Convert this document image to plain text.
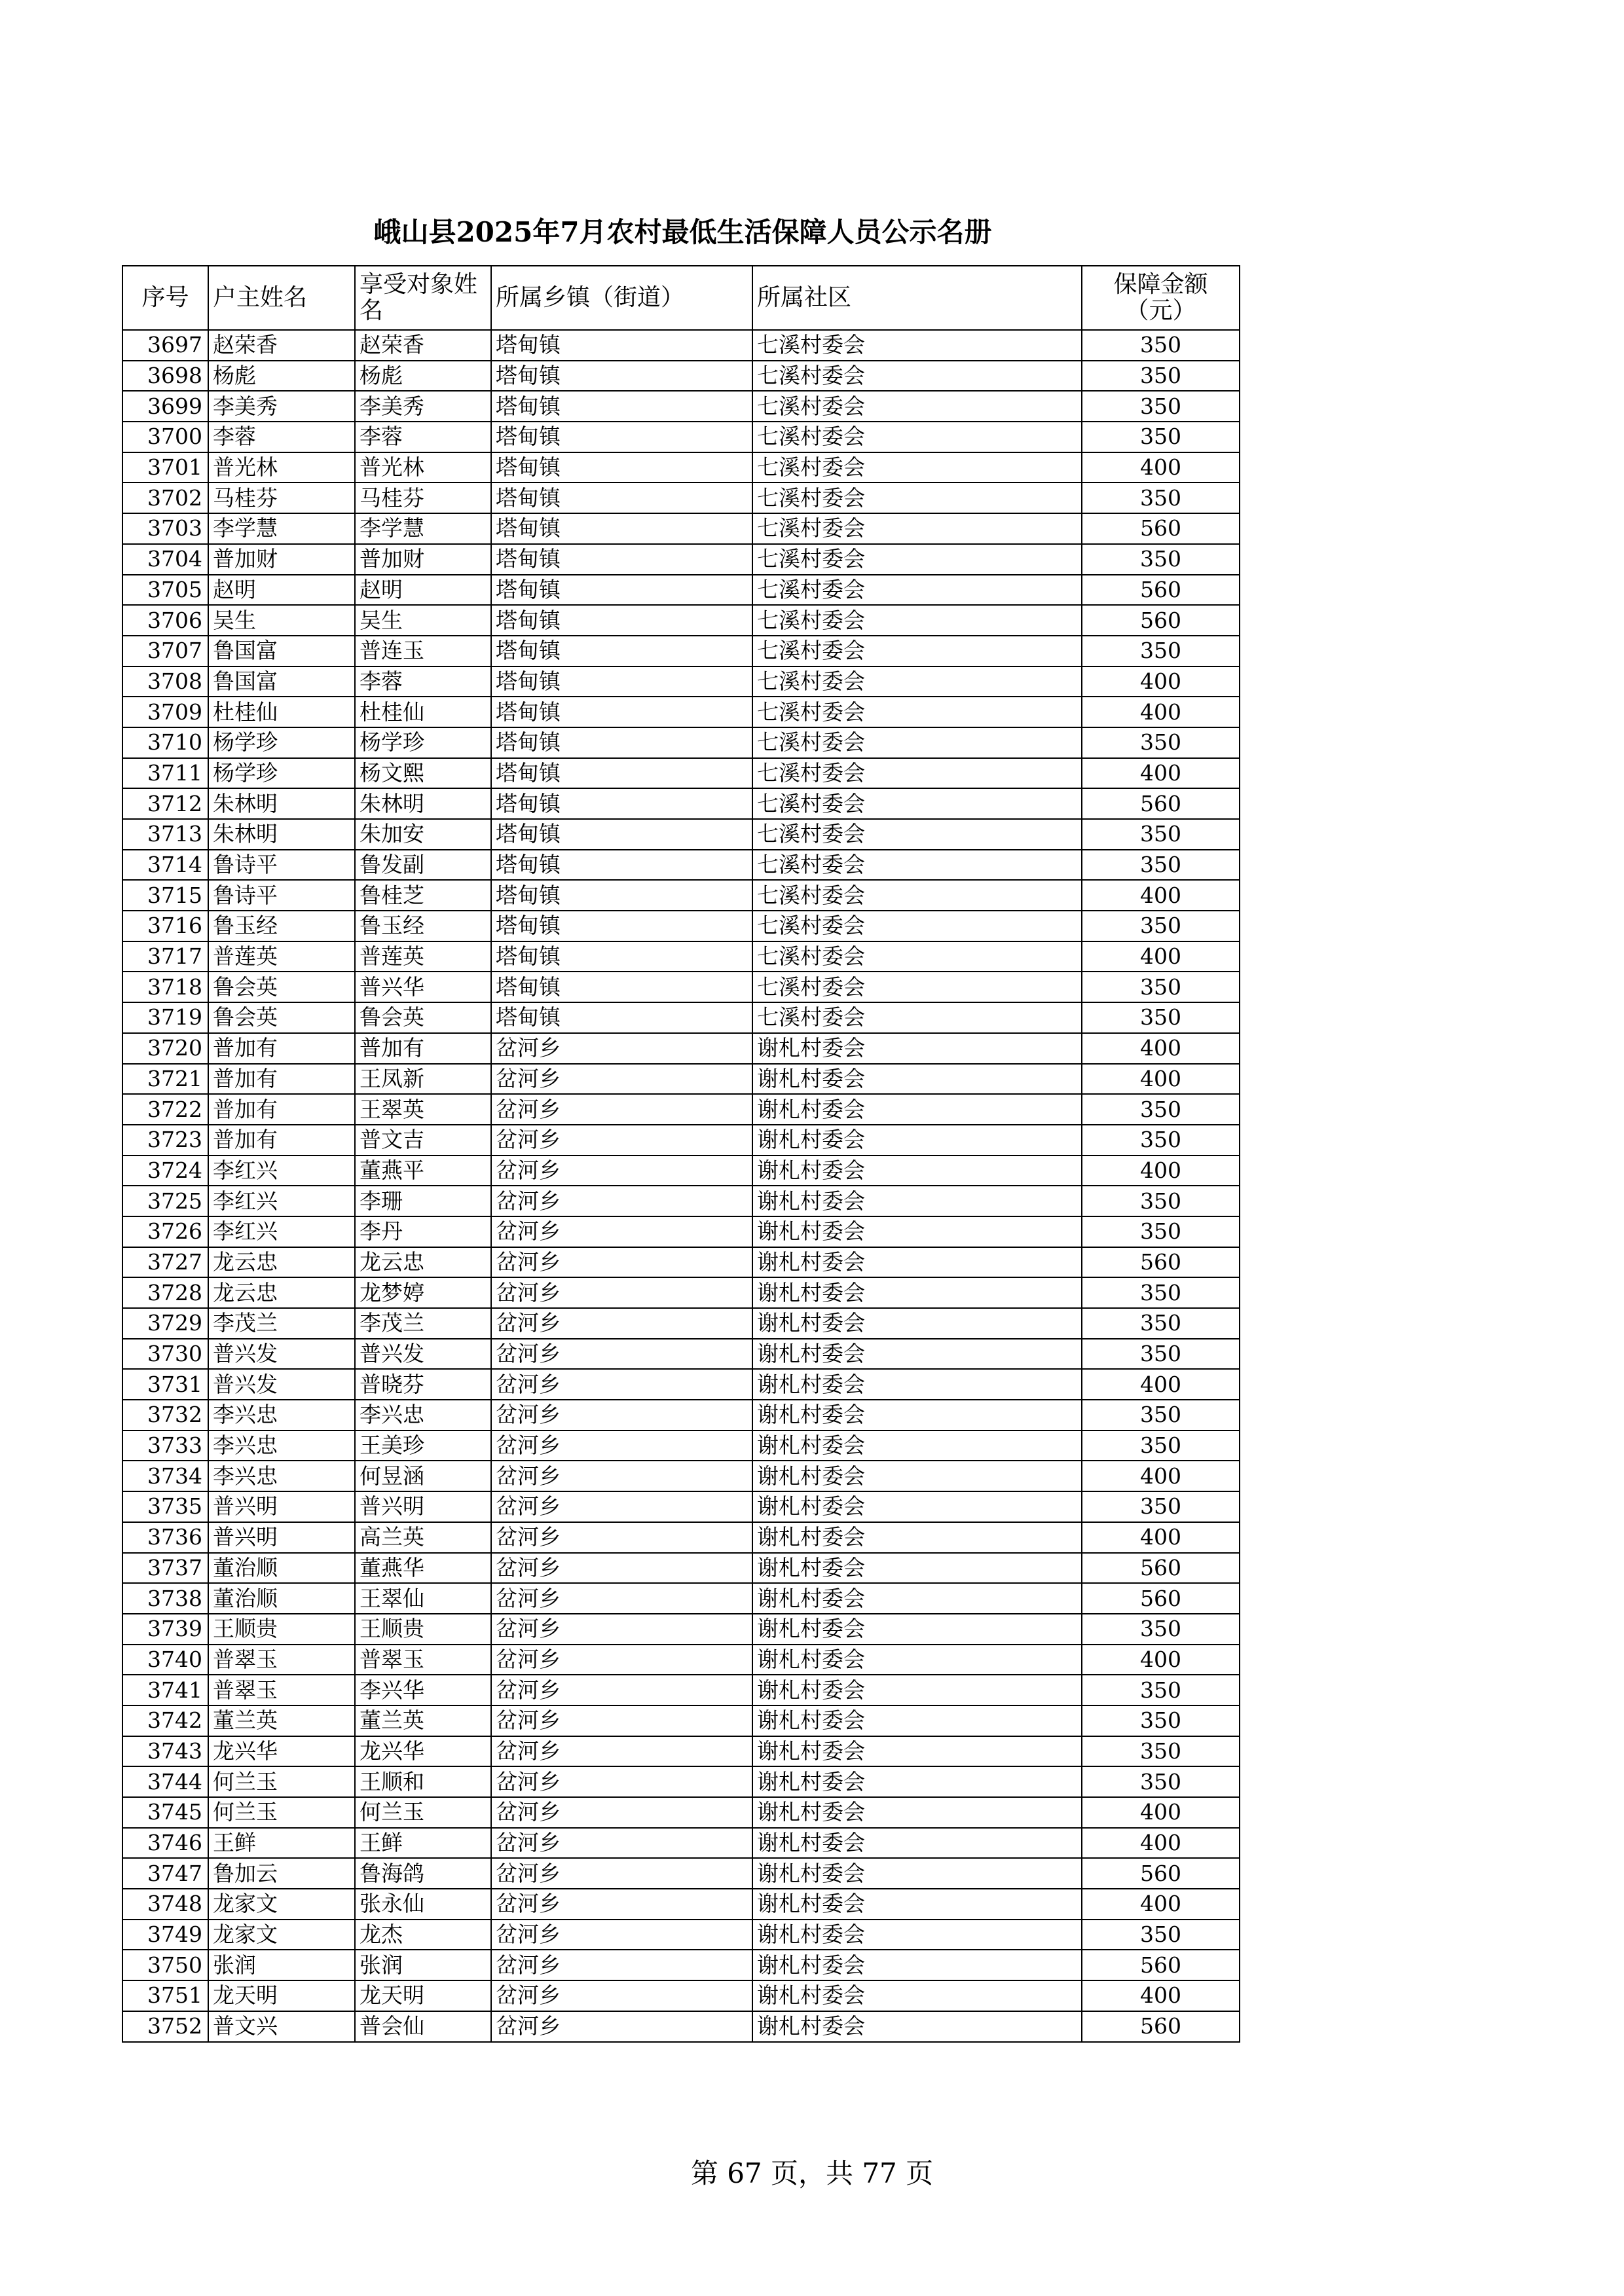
峨山县2025年7月农村最低生活保障人员公示名册
序号	户主姓名	享受对象姓名	所属乡镇（街道）	所属社区	保障金额（元）
3697	赵荣香	赵荣香	塔甸镇	七溪村委会	350
3698	杨彪	杨彪	塔甸镇	七溪村委会	350
3699	李美秀	李美秀	塔甸镇	七溪村委会	350
3700	李蓉	李蓉	塔甸镇	七溪村委会	350
3701	普光林	普光林	塔甸镇	七溪村委会	400
3702	马桂芬	马桂芬	塔甸镇	七溪村委会	350
3703	李学慧	李学慧	塔甸镇	七溪村委会	560
3704	普加财	普加财	塔甸镇	七溪村委会	350
3705	赵明	赵明	塔甸镇	七溪村委会	560
3706	吴生	吴生	塔甸镇	七溪村委会	560
3707	鲁国富	普连玉	塔甸镇	七溪村委会	350
3708	鲁国富	李蓉	塔甸镇	七溪村委会	400
3709	杜桂仙	杜桂仙	塔甸镇	七溪村委会	400
3710	杨学珍	杨学珍	塔甸镇	七溪村委会	350
3711	杨学珍	杨文熙	塔甸镇	七溪村委会	400
3712	朱林明	朱林明	塔甸镇	七溪村委会	560
3713	朱林明	朱加安	塔甸镇	七溪村委会	350
3714	鲁诗平	鲁发副	塔甸镇	七溪村委会	350
3715	鲁诗平	鲁桂芝	塔甸镇	七溪村委会	400
3716	鲁玉经	鲁玉经	塔甸镇	七溪村委会	350
3717	普莲英	普莲英	塔甸镇	七溪村委会	400
3718	鲁会英	普兴华	塔甸镇	七溪村委会	350
3719	鲁会英	鲁会英	塔甸镇	七溪村委会	350
3720	普加有	普加有	岔河乡	谢札村委会	400
3721	普加有	王凤新	岔河乡	谢札村委会	400
3722	普加有	王翠英	岔河乡	谢札村委会	350
3723	普加有	普文吉	岔河乡	谢札村委会	350
3724	李红兴	董燕平	岔河乡	谢札村委会	400
3725	李红兴	李珊	岔河乡	谢札村委会	350
3726	李红兴	李丹	岔河乡	谢札村委会	350
3727	龙云忠	龙云忠	岔河乡	谢札村委会	560
3728	龙云忠	龙梦婷	岔河乡	谢札村委会	350
3729	李茂兰	李茂兰	岔河乡	谢札村委会	350
3730	普兴发	普兴发	岔河乡	谢札村委会	350
3731	普兴发	普晓芬	岔河乡	谢札村委会	400
3732	李兴忠	李兴忠	岔河乡	谢札村委会	350
3733	李兴忠	王美珍	岔河乡	谢札村委会	350
3734	李兴忠	何昱涵	岔河乡	谢札村委会	400
3735	普兴明	普兴明	岔河乡	谢札村委会	350
3736	普兴明	高兰英	岔河乡	谢札村委会	400
3737	董治顺	董燕华	岔河乡	谢札村委会	560
3738	董治顺	王翠仙	岔河乡	谢札村委会	560
3739	王顺贵	王顺贵	岔河乡	谢札村委会	350
3740	普翠玉	普翠玉	岔河乡	谢札村委会	400
3741	普翠玉	李兴华	岔河乡	谢札村委会	350
3742	董兰英	董兰英	岔河乡	谢札村委会	350
3743	龙兴华	龙兴华	岔河乡	谢札村委会	350
3744	何兰玉	王顺和	岔河乡	谢札村委会	350
3745	何兰玉	何兰玉	岔河乡	谢札村委会	400
3746	王鲜	王鲜	岔河乡	谢札村委会	400
3747	鲁加云	鲁海鸽	岔河乡	谢札村委会	560
3748	龙家文	张永仙	岔河乡	谢札村委会	400
3749	龙家文	龙杰	岔河乡	谢札村委会	350
3750	张润	张润	岔河乡	谢札村委会	560
3751	龙天明	龙天明	岔河乡	谢札村委会	400
3752	普文兴	普会仙	岔河乡	谢札村委会	560
第 67 页，共 77 页
